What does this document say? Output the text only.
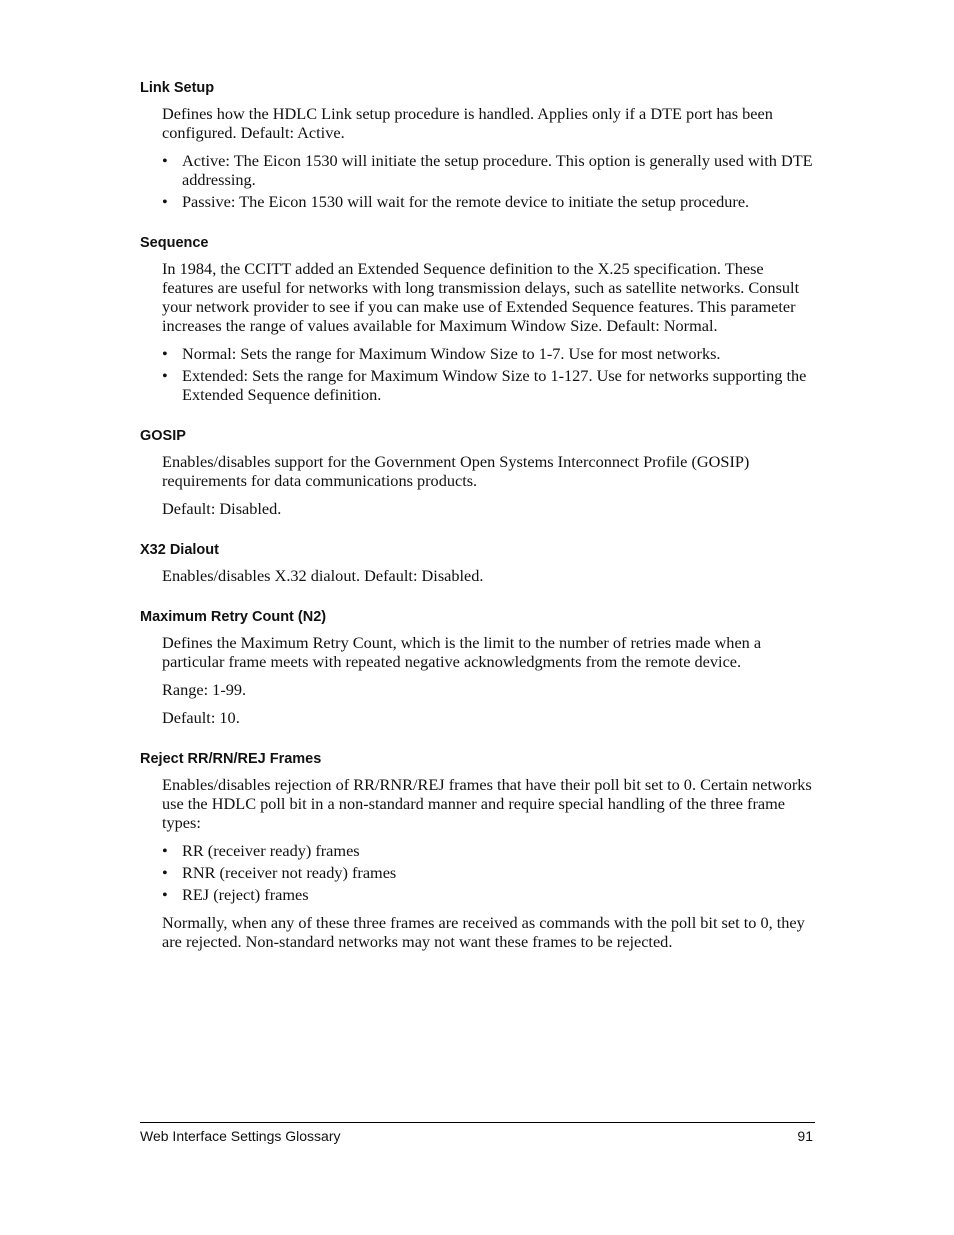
Link Setup

Defines how the HDLC Link setup procedure is handled. Applies only if a DTE port has been configured. Default: Active.

• Active: The Eicon 1530 will initiate the setup procedure. This option is generally used with DTE addressing.
• Passive: The Eicon 1530 will wait for the remote device to initiate the setup procedure.
Sequence

In 1984, the CCITT added an Extended Sequence definition to the X.25 specification. These features are useful for networks with long transmission delays, such as satellite networks. Consult your network provider to see if you can make use of Extended Sequence features. This parameter increases the range of values available for Maximum Window Size. Default: Normal.

• Normal: Sets the range for Maximum Window Size to 1-7. Use for most networks.
• Extended: Sets the range for Maximum Window Size to 1-127. Use for networks supporting the Extended Sequence definition.
GOSIP

Enables/disables support for the Government Open Systems Interconnect Profile (GOSIP) requirements for data communications products.

Default: Disabled.

X32 Dialout

Enables/disables X.32 dialout. Default: Disabled.

Maximum Retry Count (N2)

Defines the Maximum Retry Count, which is the limit to the number of retries made when a particular frame meets with repeated negative acknowledgments from the remote device.

Range: 1-99.

Default: 10.

Reject RR/RN/REJ Frames

Enables/disables rejection of RR/RNR/REJ frames that have their poll bit set to 0. Certain networks use the HDLC poll bit in a non-standard manner and require special handling of the three frame types:

• RR (receiver ready) frames
• RNR (receiver not ready) frames
• REJ (reject) frames

Normally, when any of these three frames are received as commands with the poll bit set to 0, they are rejected. Non-standard networks may not want these frames to be rejected.

Web Interface Settings Glossary	91
